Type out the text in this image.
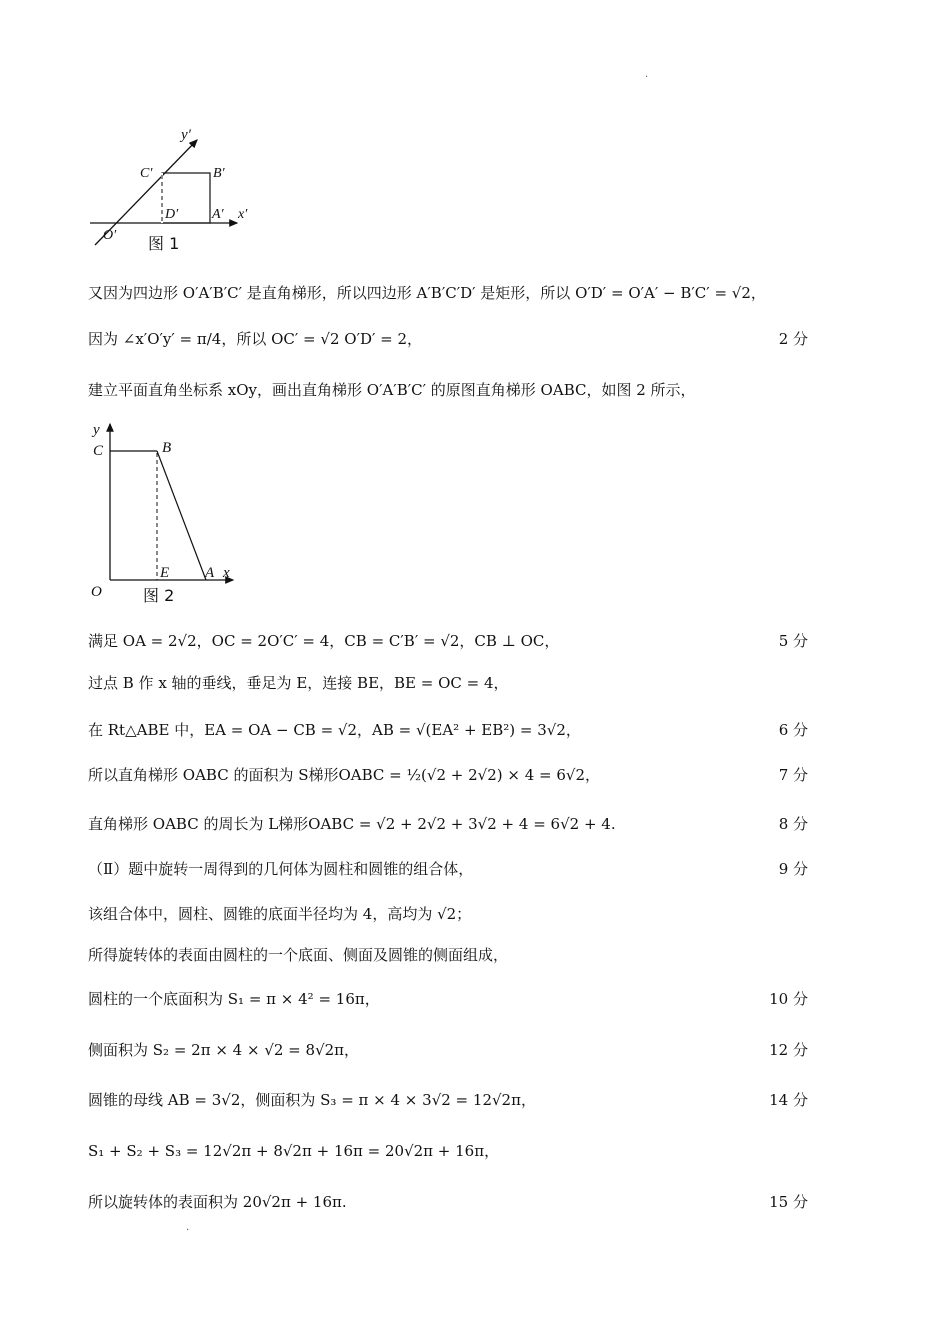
·
y′
C′	B′
D′ A′ x′
O′ 图 1
y
C	B
E A x
O	图 2
又因为四边形 O′A′B′C′ 是直角梯形，所以四边形 A′B′C′D′ 是矩形，所以 O′D′ = O′A′ − B′C′ = √2，
因为 ∠x′O′y′ = π/4，所以 OC′ = √2 O′D′ = 2，	2 分
建立平面直角坐标系 xOy，画出直角梯形 O′A′B′C′ 的原图直角梯形 OABC，如图 2 所示，
满足 OA = 2√2，OC = 2O′C′ = 4，CB = C′B′ = √2，CB ⊥ OC，	5 分
过点 B 作 x 轴的垂线，垂足为 E，连接 BE，BE = OC = 4，
在 Rt△ABE 中，EA = OA − CB = √2，AB = √(EA² + EB²) = 3√2，	6 分
所以直角梯形 OABC 的面积为 S梯形OABC = ½(√2 + 2√2) × 4 = 6√2，	7 分
直角梯形 OABC 的周长为 L梯形OABC = √2 + 2√2 + 3√2 + 4 = 6√2 + 4.	8 分
（Ⅱ）题中旋转一周得到的几何体为圆柱和圆锥的组合体，	9 分
该组合体中，圆柱、圆锥的底面半径均为 4，高均为 √2；
所得旋转体的表面由圆柱的一个底面、侧面及圆锥的侧面组成，
圆柱的一个底面积为 S₁ = π × 4² = 16π，	10 分
侧面积为 S₂ = 2π × 4 × √2 = 8√2π，	12 分
圆锥的母线 AB = 3√2，侧面积为 S₃ = π × 4 × 3√2 = 12√2π，	14 分
S₁ + S₂ + S₃ = 12√2π + 8√2π + 16π = 20√2π + 16π，
所以旋转体的表面积为 20√2π + 16π.	15 分
·
